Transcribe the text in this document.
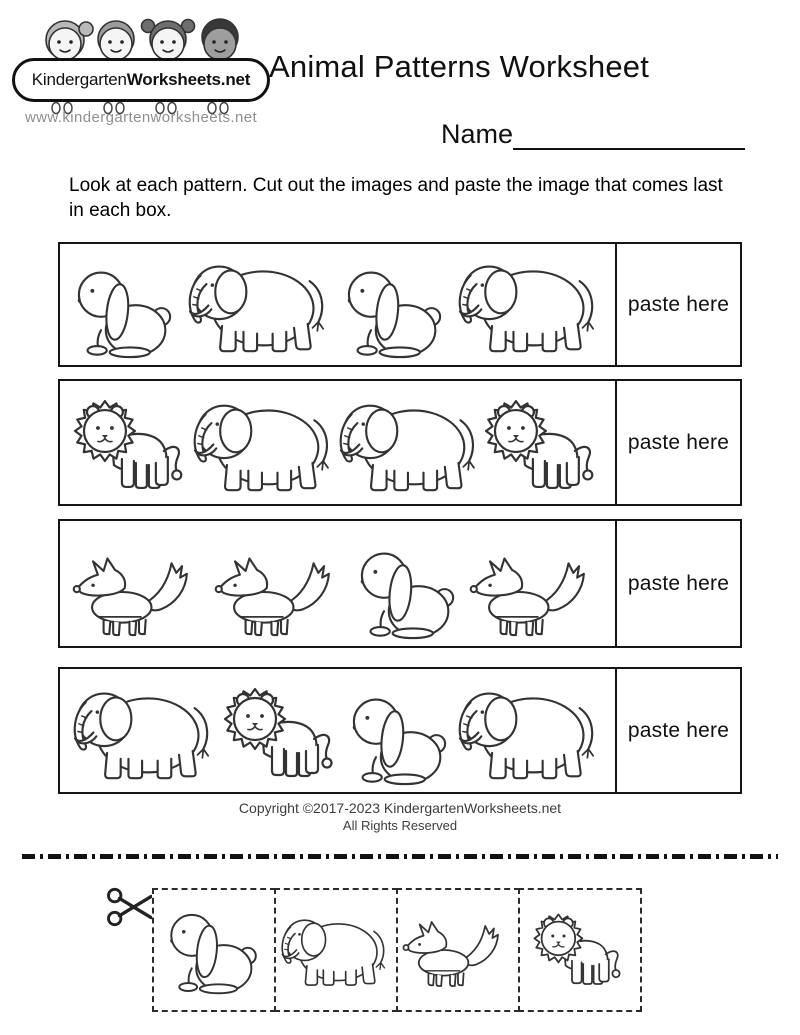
Kindergarten Worksheets.net
www.kindergartenworksheets.net
Animal Patterns Worksheet
Name

Look at each pattern. Cut out the images and paste the image that comes last in each box.

paste here
paste here
paste here
paste here
Copyright ©2017-2023 KindergartenWorksheets.net
All Rights Reserved
